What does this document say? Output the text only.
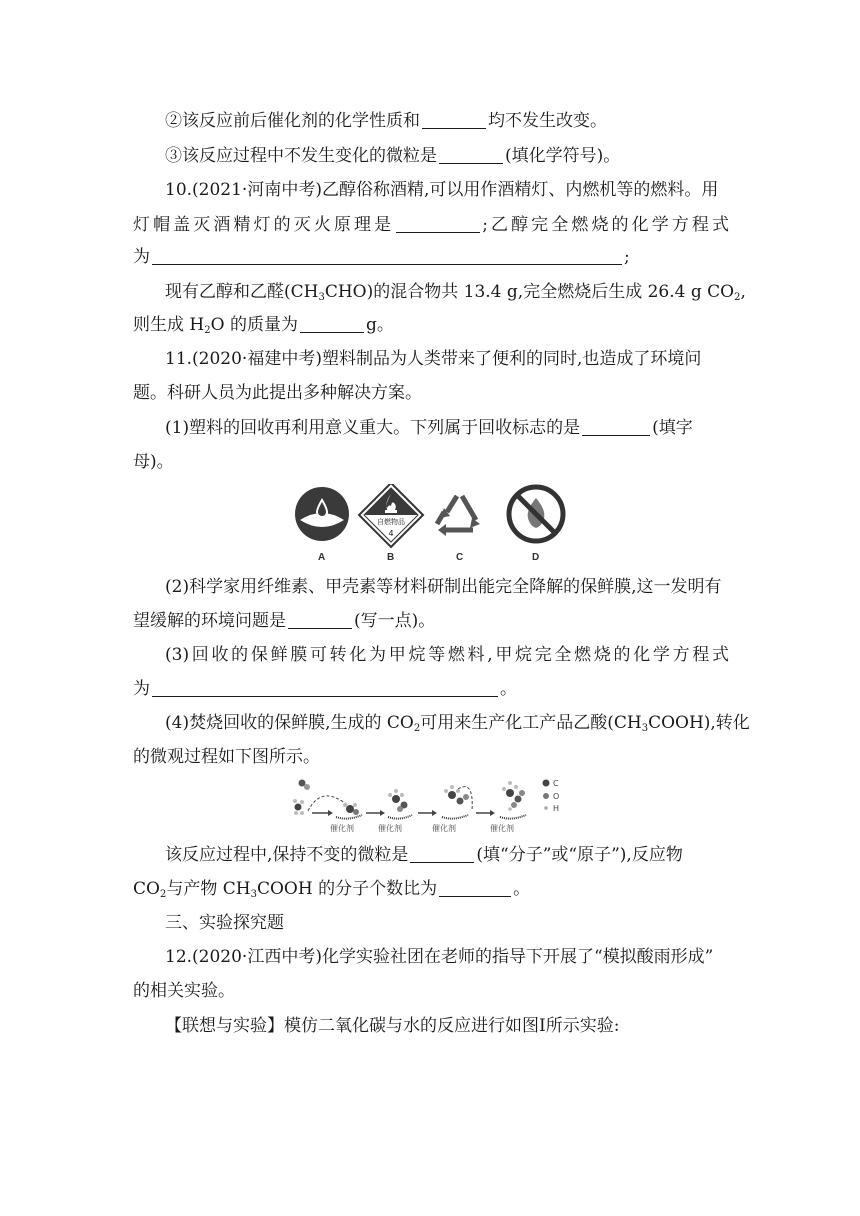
②该反应前后催化剂的化学性质和	均不发生改变。
③该反应过程中不发生变化的微粒是	(填化学符号)。
10.(2021·河南中考)乙醇俗称酒精,可以用作酒精灯、内燃机等的燃料。用
灯帽盖灭酒精灯的灭火原理是	;乙醇完全燃烧的化学方程式
为	;
现有乙醇和乙醛$(CH_3CHO)$的混合物共 13.4 g,完全燃烧后生成 26.4 g $CO_2$,
则生成 $H_2O$ 的质量为	g。
11.(2020·福建中考)塑料制品为人类带来了便利的同时,也造成了环境问
题。科研人员为此提出多种解决方案。
(1)塑料的回收再利用意义重大。下列属于回收标志的是	(填字
母)。
A
自燃物品
4
B	C	D
(2)科学家用纤维素、甲壳素等材料研制出能完全降解的保鲜膜,这一发明有
望缓解的环境问题是	(写一点)。
(3)回收的保鲜膜可转化为甲烷等燃料,甲烷完全燃烧的化学方程式
为	。
(4)焚烧回收的保鲜膜,生成的 $CO_2$可用来生产化工产品乙酸$(CH_3COOH)$,转化
的微观过程如下图所示。
催化剂	催化剂	催化剂	催化剂
C
O
H
该反应过程中,保持不变的微粒是	(填“分子”或“原子”),反应物
$CO_2$与产物 $CH_3COOH$ 的分子个数比为	。
三、实验探究题
12.(2020·江西中考)化学实验社团在老师的指导下开展了“模拟酸雨形成”
的相关实验。
【联想与实验】模仿二氧化碳与水的反应进行如图Ⅰ所示实验:
